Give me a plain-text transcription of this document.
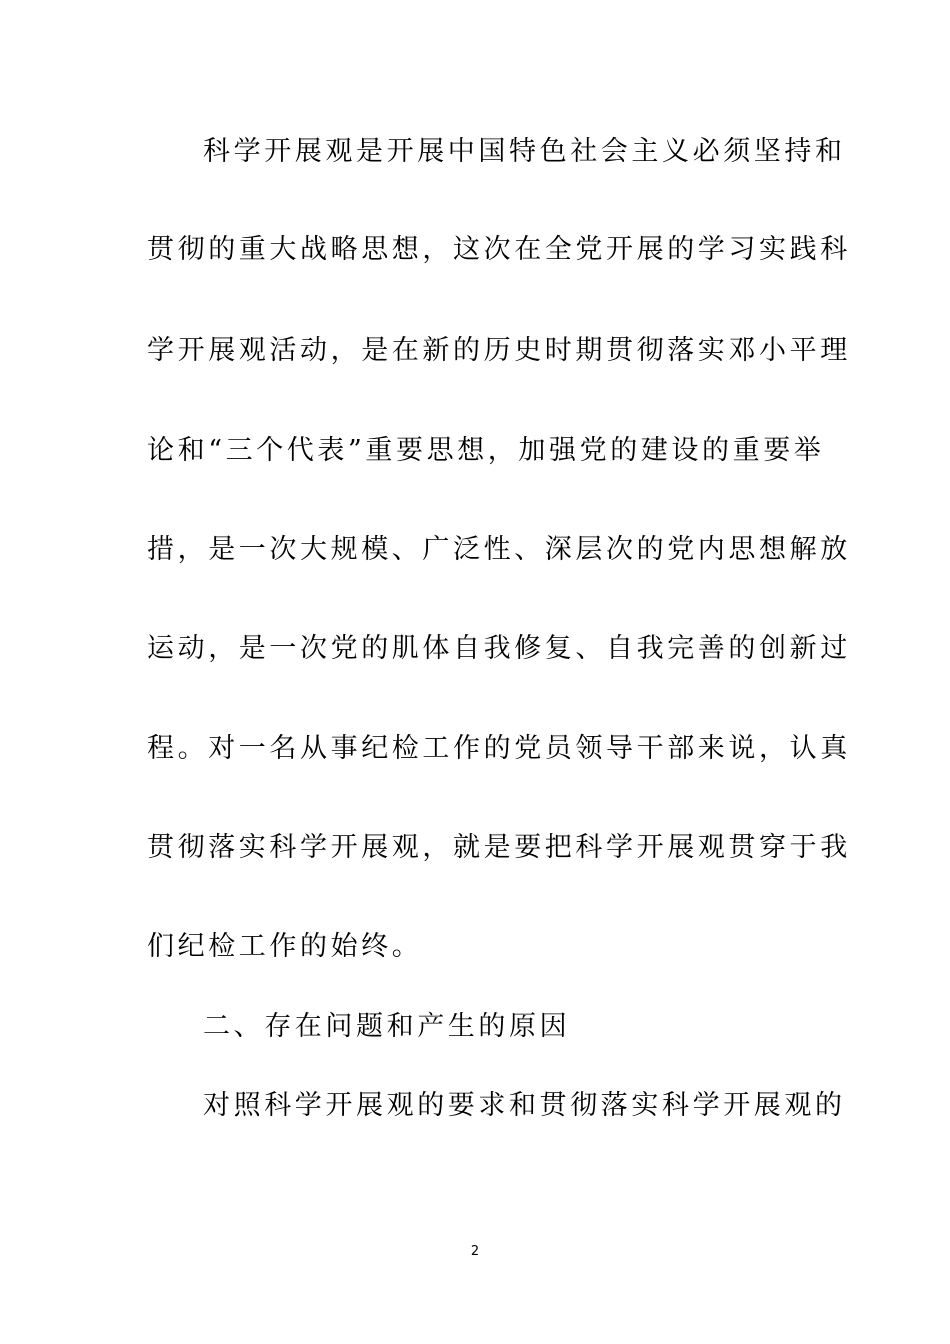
科学开展观是开展中国特色社会主义必须坚持和
贯彻的重大战略思想，这次在全党开展的学习实践科
学开展观活动，是在新的历史时期贯彻落实邓小平理
论和“三个代表”重要思想，加强党的建设的重要举
措，是一次大规模、广泛性、深层次的党内思想解放
运动，是一次党的肌体自我修复、自我完善的创新过
程。对一名从事纪检工作的党员领导干部来说，认真
贯彻落实科学开展观，就是要把科学开展观贯穿于我
们纪检工作的始终。
二、存在问题和产生的原因
对照科学开展观的要求和贯彻落实科学开展观的
2
